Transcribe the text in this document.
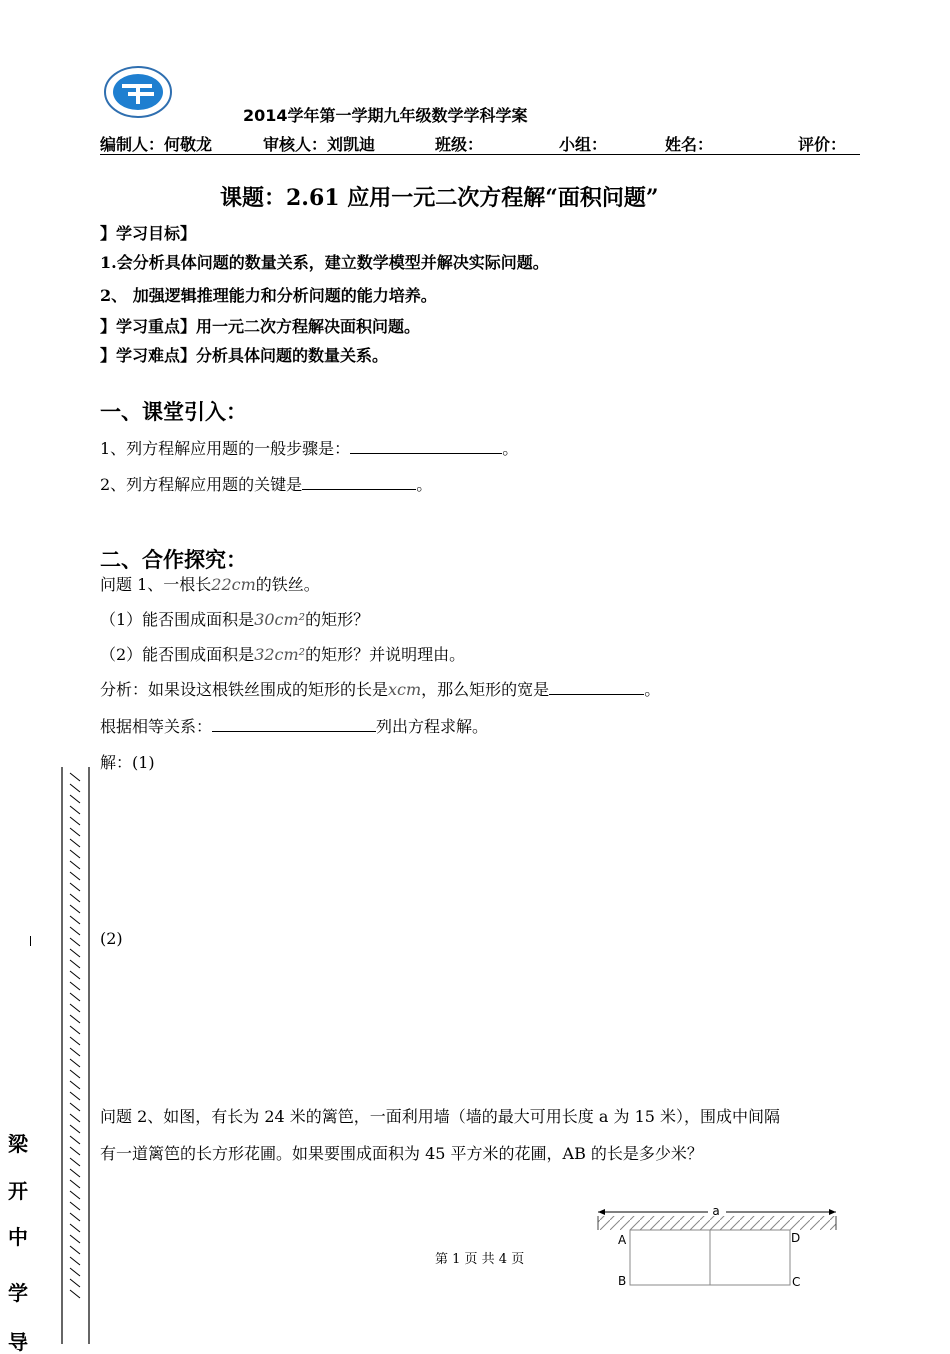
2014学年第一学期九年级数学学科学案
编制人：何敬龙	审核人：刘凯迪	班级：	小组：	姓名：	评价：
课题：2.61 应用一元二次方程解“面积问题”
】学习目标】
1.会分析具体问题的数量关系，建立数学模型并解决实际问题。
2、 加强逻辑推理能力和分析问题的能力培养。
】学习重点】用一元二次方程解决面积问题。
】学习难点】分析具体问题的数量关系。
一、课堂引入：
1、列方程解应用题的一般步骤是：	。
2、列方程解应用题的关键是	。
二、合作探究：
问题 1、一根长22cm的铁丝。
（1）能否围成面积是30cm²的矩形？
（2）能否围成面积是32cm²的矩形？并说明理由。
分析：如果设这根铁丝围成的矩形的长是xcm，那么矩形的宽是	。
根据相等关系：	列出方程求解。
解：(1)
(2)
问题 2、如图，有长为 24 米的篱笆，一面利用墙（墙的最大可用长度 a 为 15 米），围成中间隔
有一道篱笆的长方形花圃。如果要围成面积为 45 平方米的花圃，AB 的长是多少米？
梁
开
中
学
导
第 1 页 共 4 页
a
A	D
B	C
